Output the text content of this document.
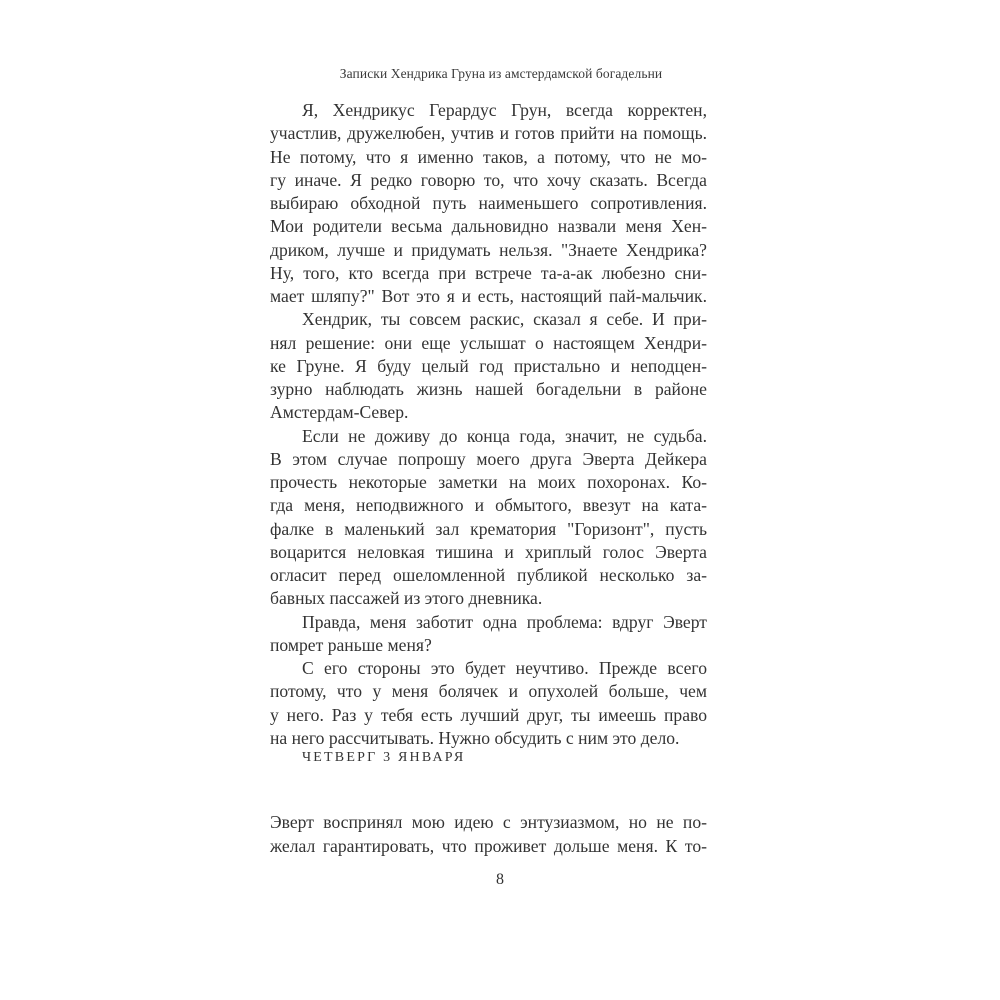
Записки Хендрика Груна из амстердамской богадельни
Я, Хендрикус Герардус Грун, всегда корректен,
участлив, дружелюбен, учтив и готов прийти на помощь.
Не потому, что я именно таков, а потому, что не мо-
гу иначе. Я редко говорю то, что хочу сказать. Всегда
выбираю обходной путь наименьшего сопротивления.
Мои родители весьма дальновидно назвали меня Хен-
дриком, лучше и придумать нельзя. "Знаете Хендрика?
Ну, того, кто всегда при встрече та-а-ак любезно сни-
мает шляпу?" Вот это я и есть, настоящий пай-мальчик.
Хендрик, ты совсем раскис, сказал я себе. И при-
нял решение: они еще услышат о настоящем Хендри-
ке Груне. Я буду целый год пристально и неподцен-
зурно наблюдать жизнь нашей богадельни в районе
Амстердам-Север.
Если не доживу до конца года, значит, не судьба.
В этом случае попрошу моего друга Эверта Дейкера
прочесть некоторые заметки на моих похоронах. Ко-
гда меня, неподвижного и обмытого, ввезут на ката-
фалке в маленький зал крематория "Горизонт", пусть
воцарится неловкая тишина и хриплый голос Эверта
огласит перед ошеломленной публикой несколько за-
бавных пассажей из этого дневника.
Правда, меня заботит одна проблема: вдруг Эверт
помрет раньше меня?
С его стороны это будет неучтиво. Прежде всего
потому, что у меня болячек и опухолей больше, чем
у него. Раз у тебя есть лучший друг, ты имеешь право
на него рассчитывать. Нужно обсудить с ним это дело.
ЧЕТВЕРГ 3 ЯНВАРЯ
Эверт воспринял мою идею с энтузиазмом, но не по-
желал гарантировать, что проживет дольше меня. К то-
8
